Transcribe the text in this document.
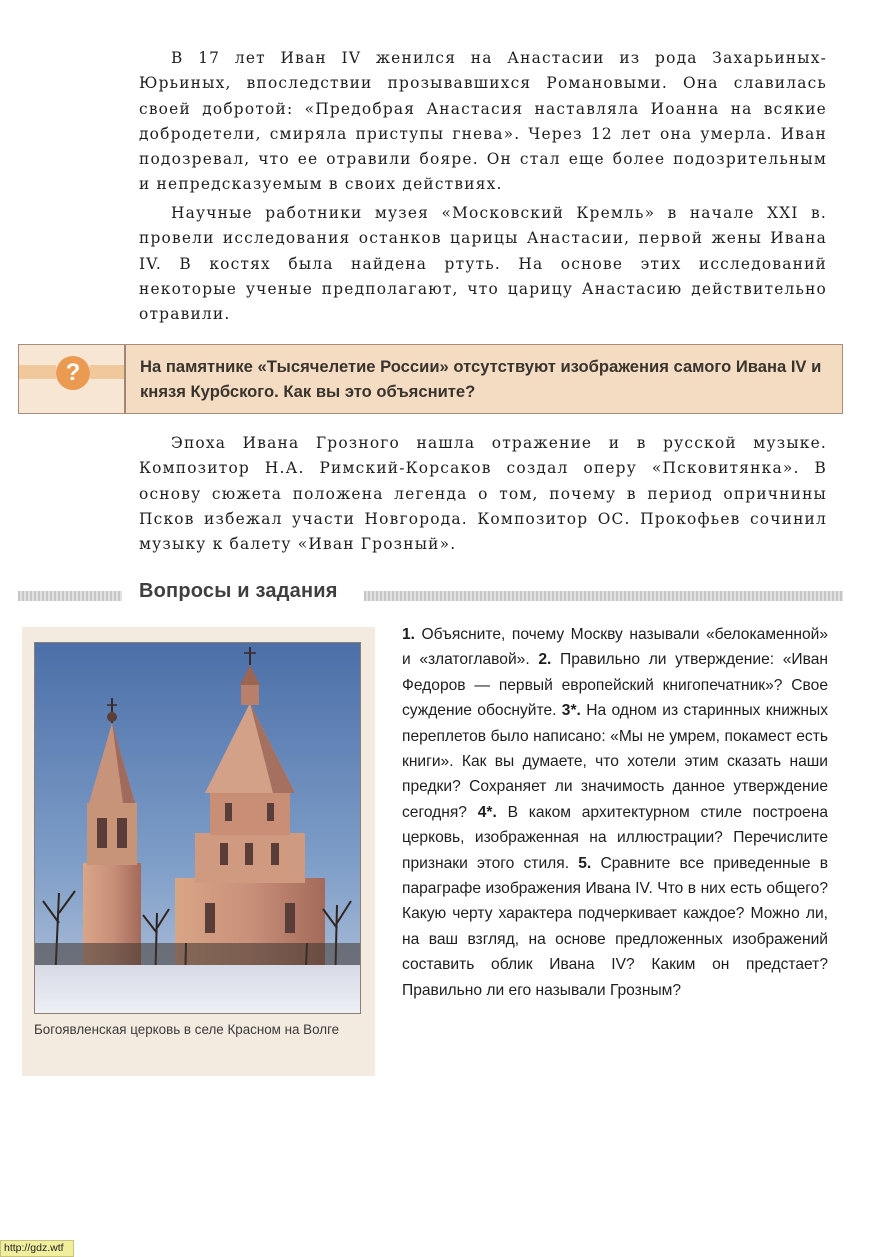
В 17 лет Иван IV женился на Анастасии из рода Захарьиных-Юрьиных, впоследствии прозывавшихся Романовыми. Она славилась своей добротой: «Предобрая Анастасия наставляла Иоанна на всякие добродетели, смиряла приступы гнева». Через 12 лет она умерла. Иван подозревал, что ее отравили бояре. Он стал еще более подозрительным и непредсказуемым в своих действиях.

Научные работники музея «Московский Кремль» в начале XXI в. провели исследования останков царицы Анастасии, первой жены Ивана IV. В костях была найдена ртуть. На основе этих исследований некоторые ученые предполагают, что царицу Анастасию действительно отравили.

?	На памятнике «Тысячелетие России» отсутствуют изображения самого Ивана IV и князя Курбского. Как вы это объясните?

Эпоха Ивана Грозного нашла отражение и в русской музыке. Композитор Н.А. Римский-Корсаков создал оперу «Псковитянка». В основу сюжета положена легенда о том, почему в период опричнины Псков избежал участи Новгорода. Композитор ОС. Прокофьев сочинил музыку к балету «Иван Грозный».

Вопросы и задания

Богоявленская церковь в селе Красном на Волге

1. Объясните, почему Москву называли «белокаменной» и «златоглавой». 2. Правильно ли утверждение: «Иван Федоров — первый европейский книгопечатник»? Свое суждение обоснуйте. 3*. На одном из старинных книжных переплетов было написано: «Мы не умрем, покамест есть книги». Как вы думаете, что хотели этим сказать наши предки? Сохраняет ли значимость данное утверждение сегодня? 4*. В каком архитектурном стиле построена церковь, изображенная на иллюстрации? Перечислите признаки этого стиля. 5. Сравните все приведенные в параграфе изображения Ивана IV. Что в них есть общего? Какую черту характера подчеркивает каждое? Можно ли, на ваш взгляд, на основе предложенных изображений составить облик Ивана IV? Каким он предстает? Правильно ли его называли Грозным?

http://gdz.wtf
